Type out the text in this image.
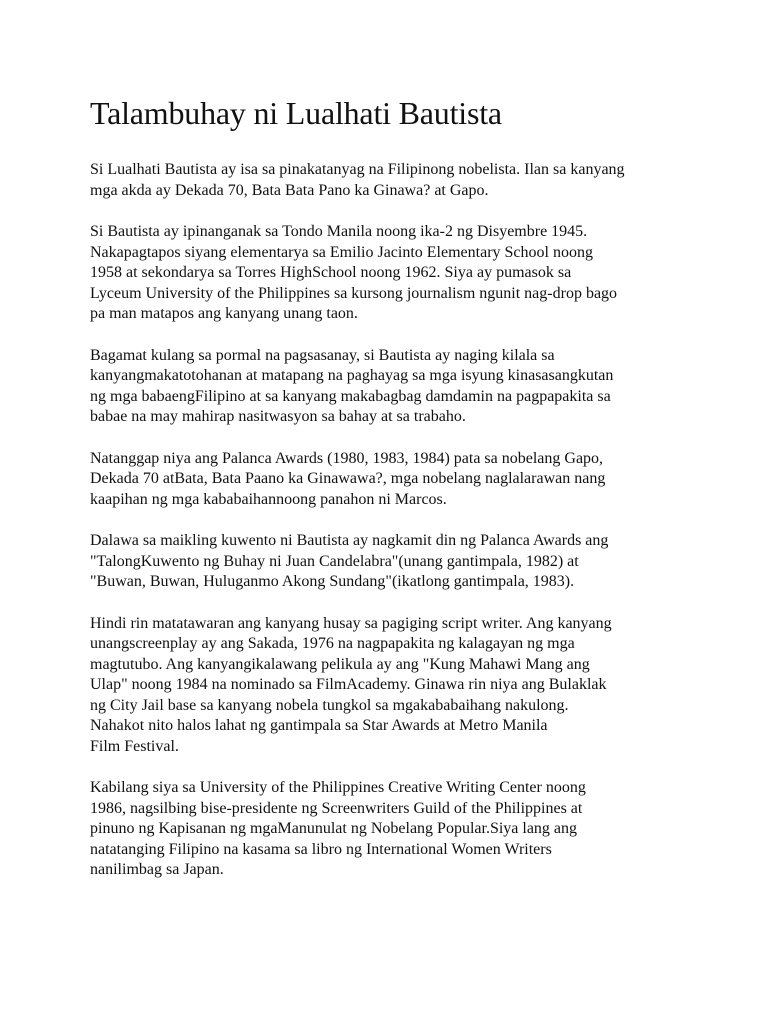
Talambuhay ni Lualhati Bautista

Si Lualhati Bautista ay isa sa pinakatanyag na Filipinong nobelista. Ilan sa kanyang
mga akda ay Dekada 70, Bata Bata Pano ka Ginawa? at Gapo.

Si Bautista ay ipinanganak sa Tondo Manila noong ika-2 ng Disyembre 1945.
Nakapagtapos siyang elementarya sa Emilio Jacinto Elementary School noong
1958 at sekondarya sa Torres HighSchool noong 1962. Siya ay pumasok sa
Lyceum University of the Philippines sa kursong journalism ngunit nag-drop bago
pa man matapos ang kanyang unang taon.

Bagamat kulang sa pormal na pagsasanay, si Bautista ay naging kilala sa
kanyangmakatotohanan at matapang na paghayag sa mga isyung kinasasangkutan
ng mga babaengFilipino at sa kanyang makabagbag damdamin na pagpapakita sa
babae na may mahirap nasitwasyon sa bahay at sa trabaho.

Natanggap niya ang Palanca Awards (1980, 1983, 1984) pata sa nobelang Gapo,
Dekada 70 atBata, Bata Paano ka Ginawawa?, mga nobelang naglalarawan nang
kaapihan ng mga kababaihannoong panahon ni Marcos.

Dalawa sa maikling kuwento ni Bautista ay nagkamit din ng Palanca Awards ang
"TalongKuwento ng Buhay ni Juan Candelabra"(unang gantimpala, 1982) at
"Buwan, Buwan, Huluganmo Akong Sundang"(ikatlong gantimpala, 1983).

Hindi rin matatawaran ang kanyang husay sa pagiging script writer. Ang kanyang
unangscreenplay ay ang Sakada, 1976 na nagpapakita ng kalagayan ng mga
magtutubo. Ang kanyangikalawang pelikula ay ang "Kung Mahawi Mang ang
Ulap" noong 1984 na nominado sa FilmAcademy. Ginawa rin niya ang Bulaklak
ng City Jail base sa kanyang nobela tungkol sa mgakababaihang nakulong.
Nahakot nito halos lahat ng gantimpala sa Star Awards at Metro Manila
Film Festival.

Kabilang siya sa University of the Philippines Creative Writing Center noong
1986, nagsilbing bise-presidente ng Screenwriters Guild of the Philippines at
pinuno ng Kapisanan ng mgaManunulat ng Nobelang Popular.Siya lang ang
natatanging Filipino na kasama sa libro ng International Women Writers
nanilimbag sa Japan.
